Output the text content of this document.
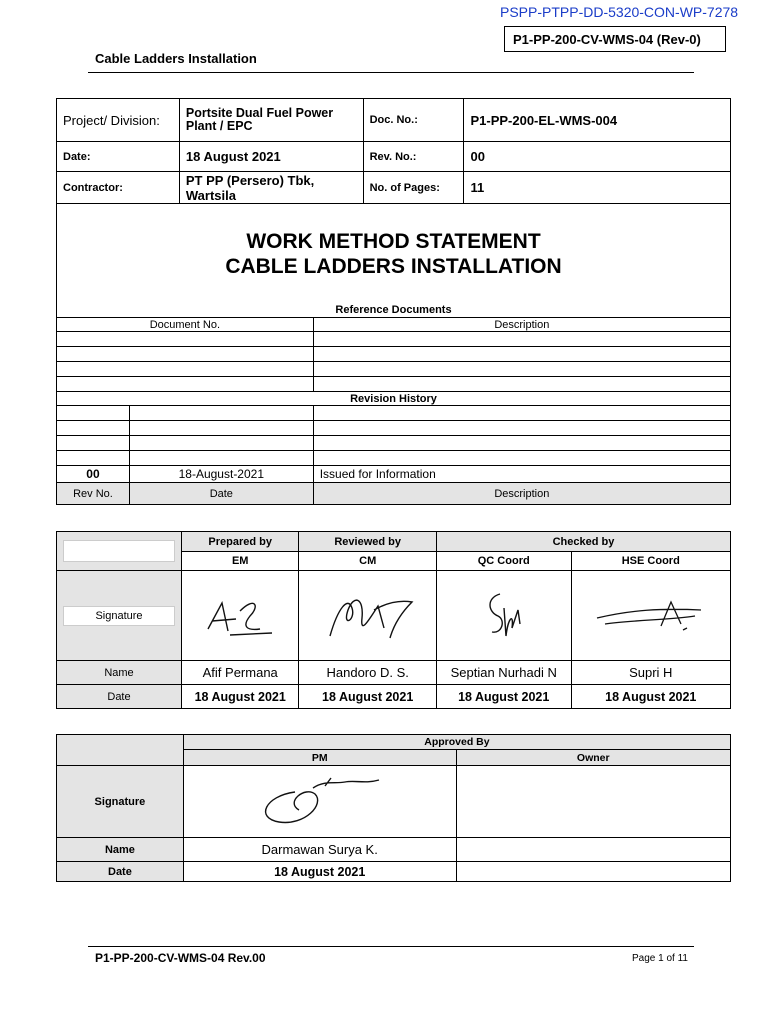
PSPP-PTPP-DD-5320-CON-WP-7278
P1-PP-200-CV-WMS-04 (Rev-0)
Cable Ladders Installation
Project/ Division:		Portsite Dual Fuel Power Plant / EPC		Doc. No.:	P1-PP-200-EL-WMS-004
Date:		18 August 2021		Rev. No.:	00
Contractor:		PT PP (Persero) Tbk, Wartsila		No. of Pages:	11

WORK METHOD STATEMENT
CABLE LADDERS INSTALLATION					

Reference Documents					
Document No.			Description		

Revision History					

00	18-August-2021		Issued for Information		
Rev No.	Date		Description		
	Prepared by	Reviewed by	Checked by	
	EM	CM	QC Coord	HSE Coord

Signature

Name	Afif Permana	Handoro D. S.	Septian Nurhadi N	Supri H
Date	18 August 2021	18 August 2021	18 August 2021	18 August 2021
	Approved By	
	PM	Owner
Signature	

Name	Darmawan Surya K.	
Date	18 August 2021	
P1-PP-200-CV-WMS-04 Rev.00	Page 1 of 11
